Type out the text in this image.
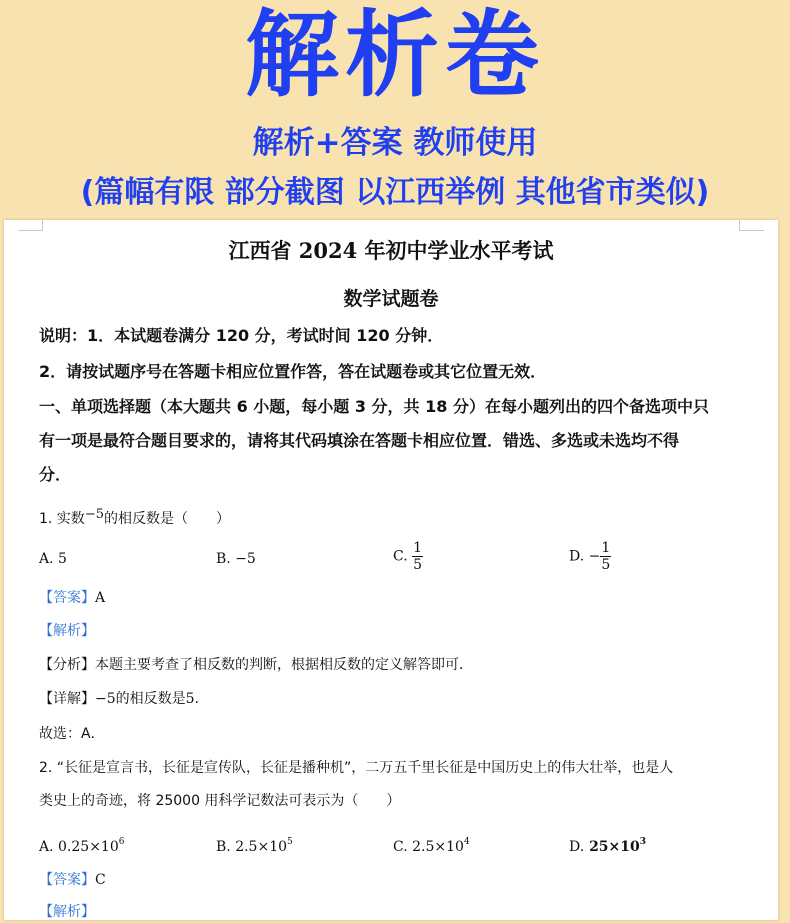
解析卷
解析+答案 教师使用
(篇幅有限 部分截图 以江西举例 其他省市类似)
江西省 2024 年初中学业水平考试
数学试题卷
说明：1．本试题卷满分 120 分，考试时间 120 分钟．
2．请按试题序号在答题卡相应位置作答，答在试题卷或其它位置无效．
一、单项选择题（本大题共 6 小题，每小题 3 分，共 18 分）在每小题列出的四个备选项中只
有一项是最符合题目要求的，请将其代码填涂在答题卡相应位置．错选、多选或未选均不得
分．
1. 实数$^{-5}$的相反数是（　　）
A. 5	B. −5	C. $\frac{1}{5}$	D. − $\frac{1}{5}$
【答案】A
【解析】
【分析】本题主要考查了相反数的判断，根据相反数的定义解答即可．
【详解】−5的相反数是5．
故选：A．
2. “长征是宣言书，长征是宣传队，长征是播种机”，二万五千里长征是中国历史上的伟大壮举，也是人
类史上的奇迹，将 25000 用科学记数法可表示为（　　）
A. $0.25\times 10^6$	B. $2.5\times 10^5$	C. $2.5\times 10^4$	D. $25\times 10^3$
【答案】C
【解析】
